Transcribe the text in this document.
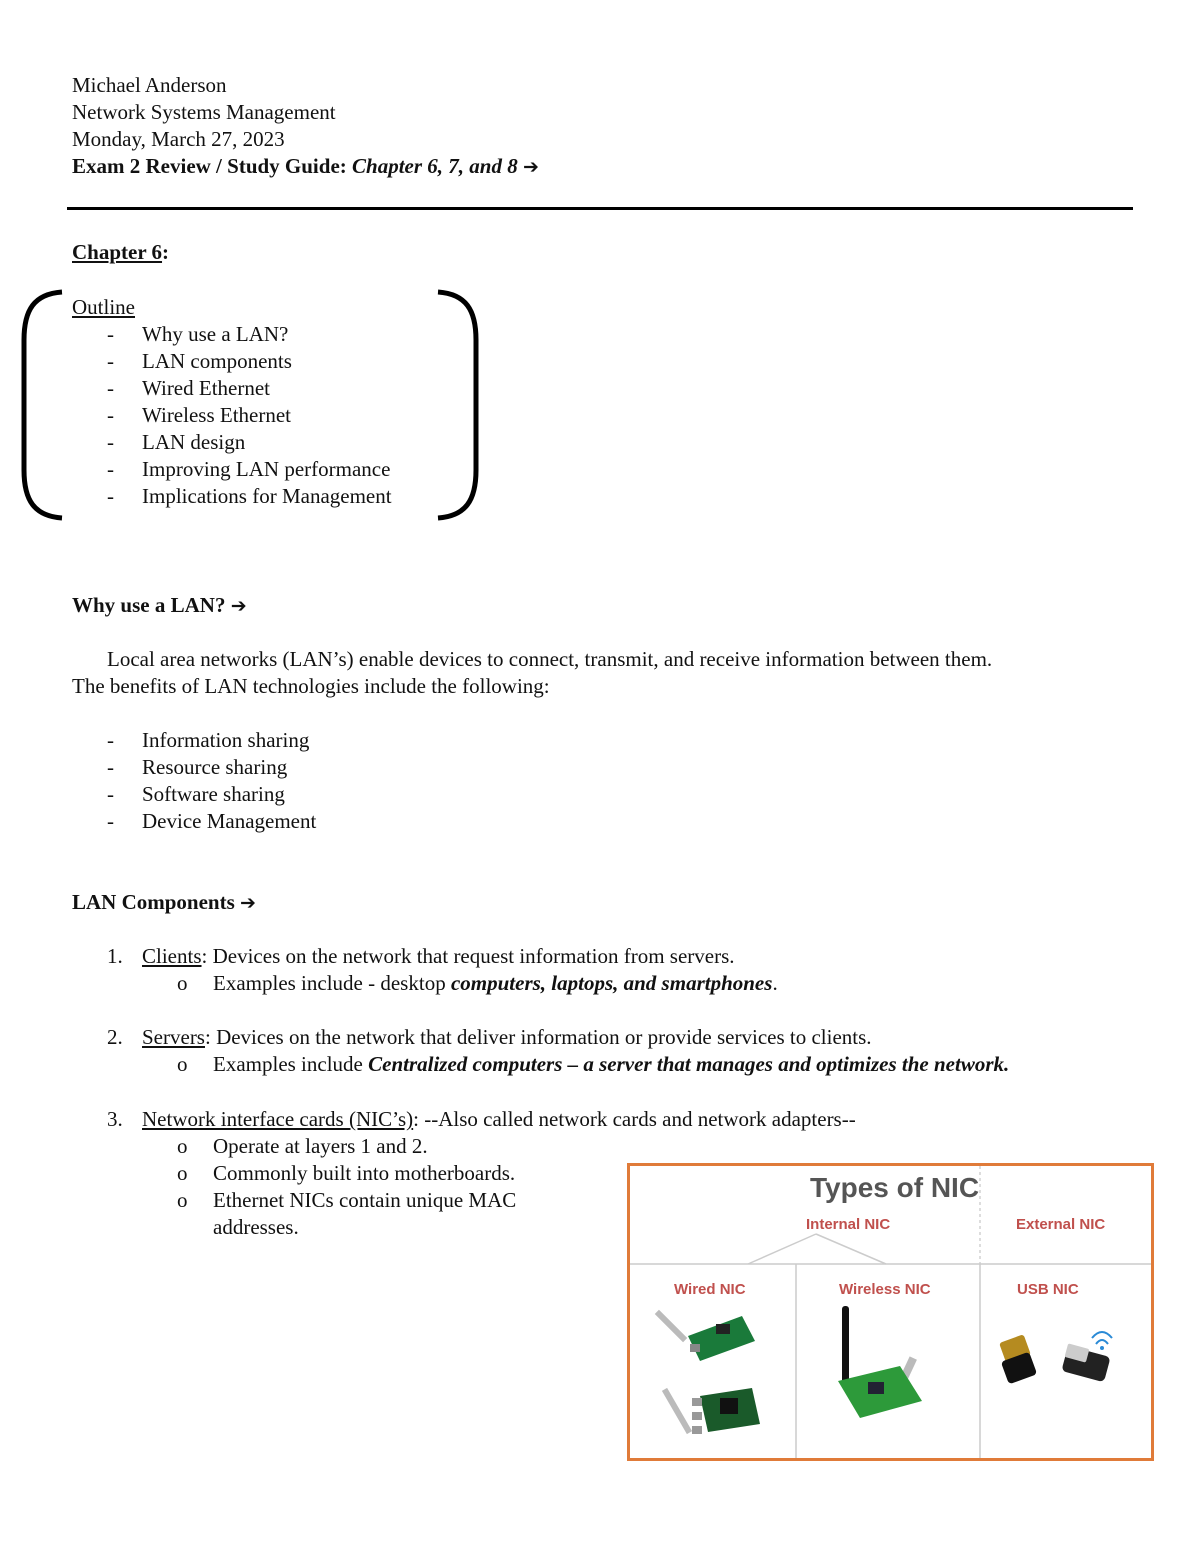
Michael Anderson
Network Systems Management
Monday, March 27, 2023
Exam 2 Review / Study Guide: Chapter 6, 7, and 8 ➔
Chapter 6:
Outline
- Why use a LAN?
- LAN components
- Wired Ethernet
- Wireless Ethernet
- LAN design
- Improving LAN performance
- Implications for Management
Why use a LAN? ➔
Local area networks (LAN’s) enable devices to connect, transmit, and receive information between them.
The benefits of LAN technologies include the following:
- Information sharing
- Resource sharing
- Software sharing
- Device Management
LAN Components ➔
1. Clients: Devices on the network that request information from servers.
o Examples include - desktop computers, laptops, and smartphones.
2. Servers: Devices on the network that deliver information or provide services to clients.
o Examples include Centralized computers – a server that manages and optimizes the network.
3. Network interface cards (NIC’s): --Also called network cards and network adapters--
o Operate at layers 1 and 2.
o Commonly built into motherboards.
o Ethernet NICs contain unique MAC
addresses.
Types of NIC
Internal NIC	External NIC
Wired NIC	Wireless NIC	USB NIC
